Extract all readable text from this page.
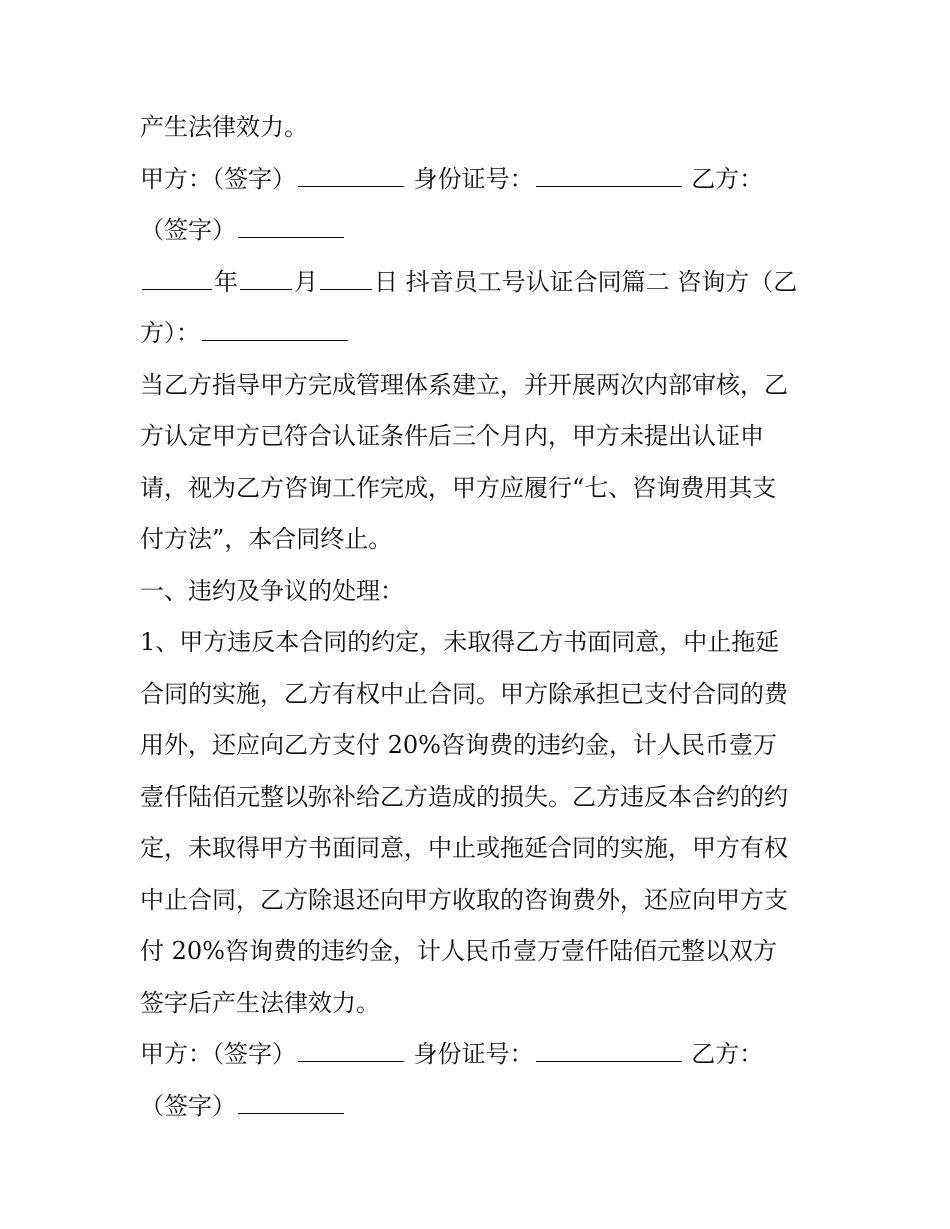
产生法律效力。
甲方：（签字）	身份证号：	乙方：
（签字）
年 月 日 抖音员工号认证合同篇二 咨询方（乙
方）：
当乙方指导甲方完成管理体系建立，并开展两次内部审核，乙
方认定甲方已符合认证条件后三个月内，甲方未提出认证申
请，视为乙方咨询工作完成，甲方应履行“七、咨询费用其支
付方法”，本合同终止。
一、违约及争议的处理：
1、甲方违反本合同的约定，未取得乙方书面同意，中止拖延
合同的实施，乙方有权中止合同。甲方除承担已支付合同的费
用外，还应向乙方支付 20%咨询费的违约金，计人民币壹万
壹仟陆佰元整以弥补给乙方造成的损失。乙方违反本合约的约
定，未取得甲方书面同意，中止或拖延合同的实施，甲方有权
中止合同，乙方除退还向甲方收取的咨询费外，还应向甲方支
付 20%咨询费的违约金，计人民币壹万壹仟陆佰元整以双方
签字后产生法律效力。
甲方：（签字）	身份证号：	乙方：
（签字）
